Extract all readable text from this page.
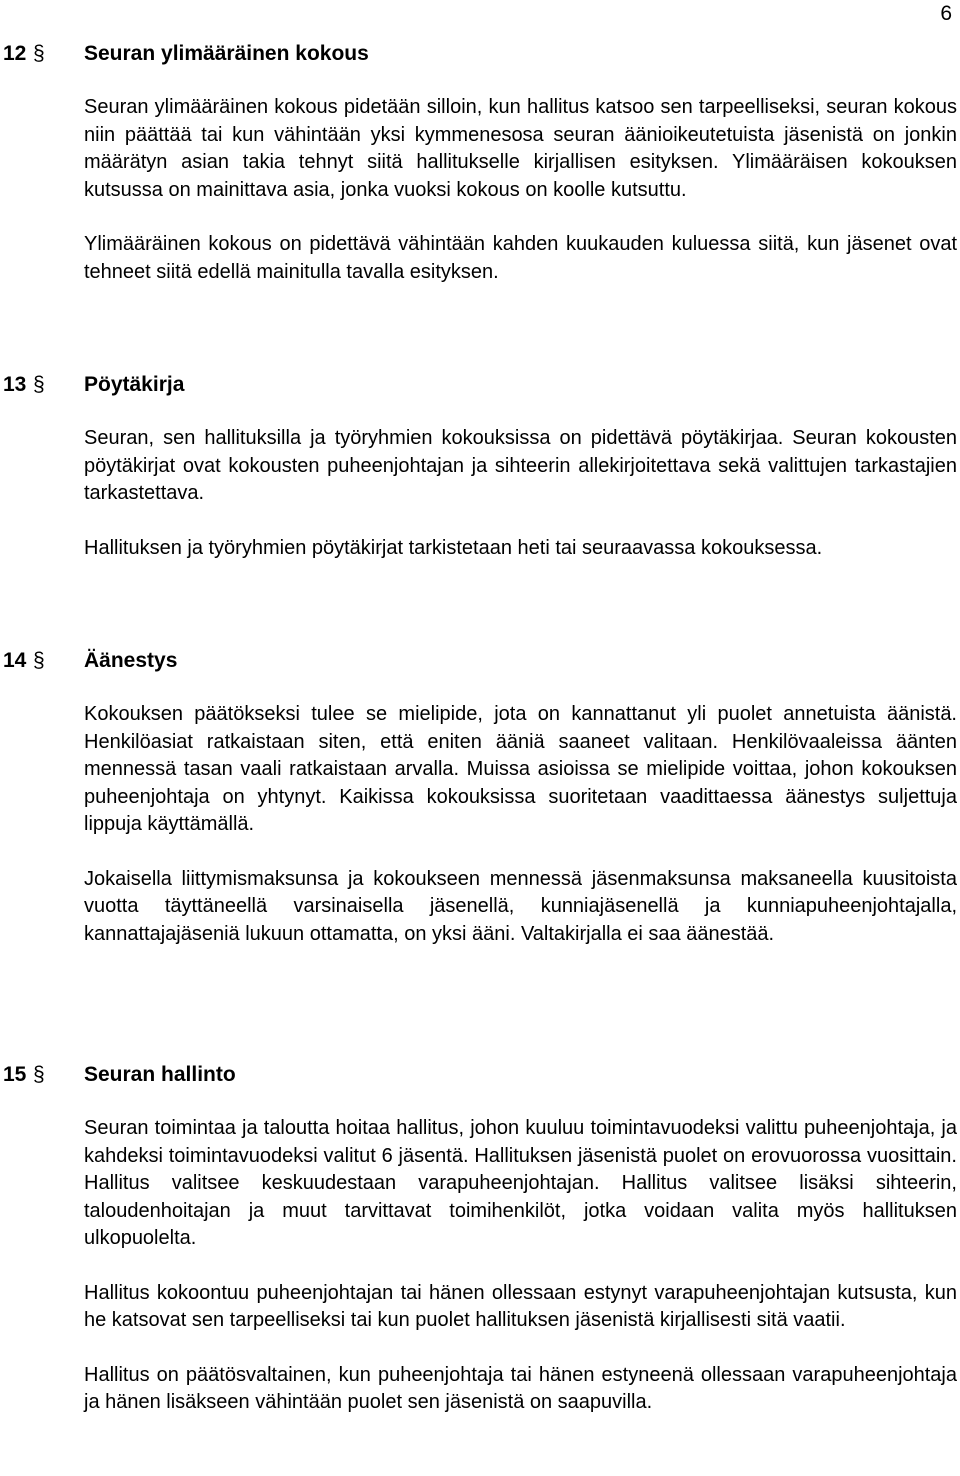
6
12 § Seuran ylimääräinen kokous

Seuran ylimääräinen kokous pidetään silloin, kun hallitus katsoo sen tarpeelliseksi, seuran kokous niin päättää tai kun vähintään yksi kymmenesosa seuran äänioikeutetuista jäsenistä on jonkin määrätyn asian takia tehnyt siitä hallitukselle kirjallisen esityksen. Ylimääräisen kokouksen kutsussa on mainittava asia, jonka vuoksi kokous on koolle kutsuttu.

Ylimääräinen kokous on pidettävä vähintään kahden kuukauden kuluessa siitä, kun jäsenet ovat tehneet siitä edellä mainitulla tavalla esityksen.

13 § Pöytäkirja

Seuran, sen hallituksilla ja työryhmien kokouksissa on pidettävä pöytäkirjaa. Seuran kokousten pöytäkirjat ovat kokousten puheenjohtajan ja sihteerin allekirjoitettava sekä valittujen tarkastajien tarkastettava.

Hallituksen ja työryhmien pöytäkirjat tarkistetaan heti tai seuraavassa kokouksessa.

14 § Äänestys

Kokouksen päätökseksi tulee se mielipide, jota on kannattanut yli puolet annetuista äänistä. Henkilöasiat ratkaistaan siten, että eniten ääniä saaneet valitaan. Henkilövaaleissa äänten mennessä tasan vaali ratkaistaan arvalla. Muissa asioissa se mielipide voittaa, johon kokouksen puheenjohtaja on yhtynyt. Kaikissa kokouksissa suoritetaan vaadittaessa äänestys suljettuja lippuja käyttämällä.

Jokaisella liittymismaksunsa ja kokoukseen mennessä jäsenmaksunsa maksaneella kuusitoista vuotta täyttäneellä varsinaisella jäsenellä, kunniajäsenellä ja kunniapuheenjohtajalla, kannattajajäseniä lukuun ottamatta, on yksi ääni. Valtakirjalla ei saa äänestää.

15 § Seuran hallinto

Seuran toimintaa ja taloutta hoitaa hallitus, johon kuuluu toimintavuodeksi valittu puheenjohtaja, ja kahdeksi toimintavuodeksi valitut 6 jäsentä. Hallituksen jäsenistä puolet on erovuorossa vuosittain. Hallitus valitsee keskuudestaan varapuheenjohtajan. Hallitus valitsee lisäksi sihteerin, taloudenhoitajan ja muut tarvittavat toimihenkilöt, jotka voidaan valita myös hallituksen ulkopuolelta.

Hallitus kokoontuu puheenjohtajan tai hänen ollessaan estynyt varapuheenjohtajan kutsusta, kun he katsovat sen tarpeelliseksi tai kun puolet hallituksen jäsenistä kirjallisesti sitä vaatii.

Hallitus on päätösvaltainen, kun puheenjohtaja tai hänen estyneenä ollessaan varapuheenjohtaja ja hänen lisäkseen vähintään puolet sen jäsenistä on saapuvilla.
